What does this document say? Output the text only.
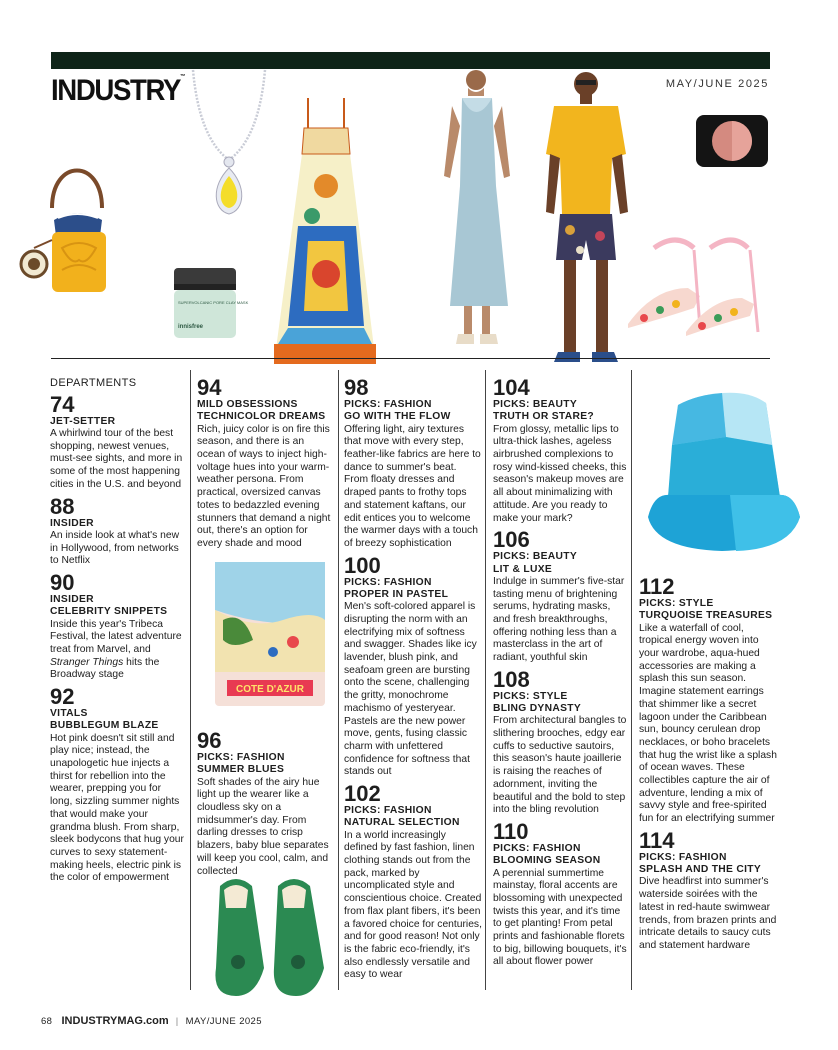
INDUSTRY™
MAY/JUNE 2025
SUPERVOLCANIC PORE CLAY MASK
innisfree
COTE D'AZUR
DEPARTMENTS
74
JET-SETTER

A whirlwind tour of the best shopping, newest venues, must-see sights, and more in some of the most happening cities in the U.S. and beyond

88
INSIDER

An inside look at what's new in Hollywood, from networks to Netflix

90
INSIDER
CELEBRITY SNIPPETS

Inside this year's Tribeca Festival, the latest adventure treat from Marvel, and Stranger Things hits the Broadway stage

92
VITALS
BUBBLEGUM BLAZE

Hot pink doesn't sit still and play nice; instead, the unapologetic hue injects a thirst for rebellion into the wearer, prepping you for long, sizzling summer nights that would make your grandma blush. From sharp, sleek bodycons that hug your curves to sexy statement-making heels, electric pink is the color of empowerment

94
MILD OBSESSIONS
TECHNICOLOR DREAMS

Rich, juicy color is on fire this season, and there is an ocean of ways to inject high-voltage hues into your warm-weather persona. From practical, oversized canvas totes to bedazzled evening stunners that demand a night out, there's an option for every shade and mood

96
PICKS: FASHION
SUMMER BLUES

Soft shades of the airy hue light up the wearer like a cloudless sky on a midsummer's day. From darling dresses to crisp blazers, baby blue separates will keep you cool, calm, and collected

98
PICKS: FASHION
GO WITH THE FLOW

Offering light, airy textures that move with every step, feather-like fabrics are here to dance to summer's beat. From floaty dresses and draped pants to frothy tops and statement kaftans, our edit entices you to welcome the warmer days with a touch of breezy sophistication

100
PICKS: FASHION
PROPER IN PASTEL

Men's soft-colored apparel is disrupting the norm with an electrifying mix of softness and swagger. Shades like icy lavender, blush pink, and seafoam green are bursting onto the scene, challenging the gritty, monochrome machismo of yesteryear. Pastels are the new power move, gents, fusing classic charm with unfettered confidence for softness that stands out

102
PICKS: FASHION
NATURAL SELECTION

In a world increasingly defined by fast fashion, linen clothing stands out from the pack, marked by uncomplicated style and conscientious choice. Created from flax plant fibers, it's been a favored choice for centuries, and for good reason! Not only is the fabric eco-friendly, it's also endlessly versatile and easy to wear

104
PICKS: BEAUTY
TRUTH OR STARE?

From glossy, metallic lips to ultra-thick lashes, ageless airbrushed complexions to rosy wind-kissed cheeks, this season's makeup moves are all about minimalizing with attitude. Are you ready to make your mark?

106
PICKS: BEAUTY
LIT & LUXE

Indulge in summer's five-star tasting menu of brightening serums, hydrating masks, and fresh breakthroughs, offering nothing less than a masterclass in the art of radiant, youthful skin

108
PICKS: STYLE
BLING DYNASTY

From architectural bangles to slithering brooches, edgy ear cuffs to seductive sautoirs, this season's haute joaillerie is raising the reaches of adornment, inviting the beautiful and the bold to step into the bling revolution

110
PICKS: FASHION
BLOOMING SEASON

A perennial summertime mainstay, floral accents are blossoming with unexpected twists this year, and it's time to get planting! From petal prints and fashionable florets to big, billowing bouquets, it's all about flower power

112
PICKS: STYLE
TURQUOISE TREASURES

Like a waterfall of cool, tropical energy woven into your wardrobe, aqua-hued accessories are making a splash this sun season. Imagine statement earrings that shimmer like a secret lagoon under the Caribbean sun, bouncy cerulean drop necklaces, or boho bracelets that hug the wrist like a splash of ocean waves. These collectibles capture the air of adventure, lending a mix of savvy style and free-spirited fun for an electrifying summer

114
PICKS: FASHION
SPLASH AND THE CITY

Dive headfirst into summer's waterside soirées with the latest in red-haute swimwear trends, from brazen prints and intricate details to saucy cuts and statement hardware

68 INDUSTRYMAG.com | MAY/JUNE 2025
